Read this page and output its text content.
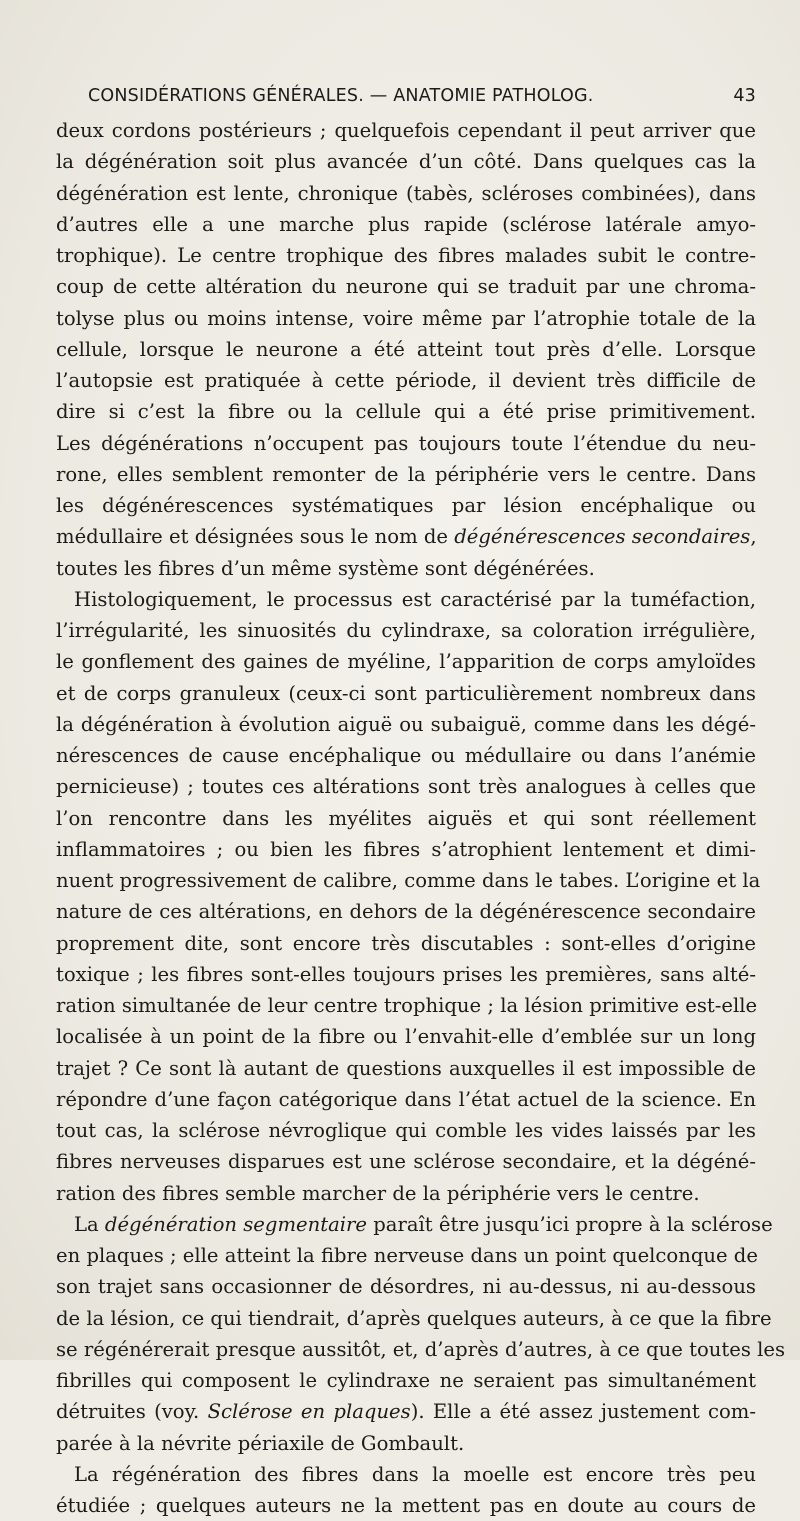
CONSIDÉRATIONS GÉNÉRALES. — ANATOMIE PATHOLOG.	43
deux cordons postérieurs ; quelquefois cependant il peut arriver que
la dégénération soit plus avancée d’un côté. Dans quelques cas la
dégénération est lente, chronique (tabès, scléroses combinées), dans
d’autres elle a une marche plus rapide (sclérose latérale amyo-
trophique). Le centre trophique des fibres malades subit le contre-
coup de cette altération du neurone qui se traduit par une chroma-
tolyse plus ou moins intense, voire même par l’atrophie totale de la
cellule, lorsque le neurone a été atteint tout près d’elle. Lorsque
l’autopsie est pratiquée à cette période, il devient très difficile de
dire si c’est la fibre ou la cellule qui a été prise primitivement.
Les dégénérations n’occupent pas toujours toute l’étendue du neu-
rone, elles semblent remonter de la périphérie vers le centre. Dans
les dégénérescences systématiques par lésion encéphalique ou
médullaire et désignées sous le nom de dégénérescences secondaires,
toutes les fibres d’un même système sont dégénérées.
Histologiquement, le processus est caractérisé par la tuméfaction,
l’irrégularité, les sinuosités du cylindraxe, sa coloration irrégulière,
le gonflement des gaines de myéline, l’apparition de corps amyloïdes
et de corps granuleux (ceux-ci sont particulièrement nombreux dans
la dégénération à évolution aiguë ou subaiguë, comme dans les dégé-
nérescences de cause encéphalique ou médullaire ou dans l’anémie
pernicieuse) ; toutes ces altérations sont très analogues à celles que
l’on rencontre dans les myélites aiguës et qui sont réellement
inflammatoires ; ou bien les fibres s’atrophient lentement et dimi-
nuent progressivement de calibre, comme dans le tabes. L’origine et la
nature de ces altérations, en dehors de la dégénérescence secondaire
proprement dite, sont encore très discutables : sont-elles d’origine
toxique ; les fibres sont-elles toujours prises les premières, sans alté-
ration simultanée de leur centre trophique ; la lésion primitive est-elle
localisée à un point de la fibre ou l’envahit-elle d’emblée sur un long
trajet ? Ce sont là autant de questions auxquelles il est impossible de
répondre d’une façon catégorique dans l’état actuel de la science. En
tout cas, la sclérose névroglique qui comble les vides laissés par les
fibres nerveuses disparues est une sclérose secondaire, et la dégéné-
ration des fibres semble marcher de la périphérie vers le centre.
La dégénération segmentaire paraît être jusqu’ici propre à la sclérose
en plaques ; elle atteint la fibre nerveuse dans un point quelconque de
son trajet sans occasionner de désordres, ni au-dessus, ni au-dessous
de la lésion, ce qui tiendrait, d’après quelques auteurs, à ce que la fibre
se régénérerait presque aussitôt, et, d’après d’autres, à ce que toutes les
fibrilles qui composent le cylindraxe ne seraient pas simultanément
détruites (voy. Sclérose en plaques). Elle a été assez justement com-
parée à la névrite périaxile de Gombault.
La régénération des fibres dans la moelle est encore très peu
étudiée ; quelques auteurs ne la mettent pas en doute au cours de
